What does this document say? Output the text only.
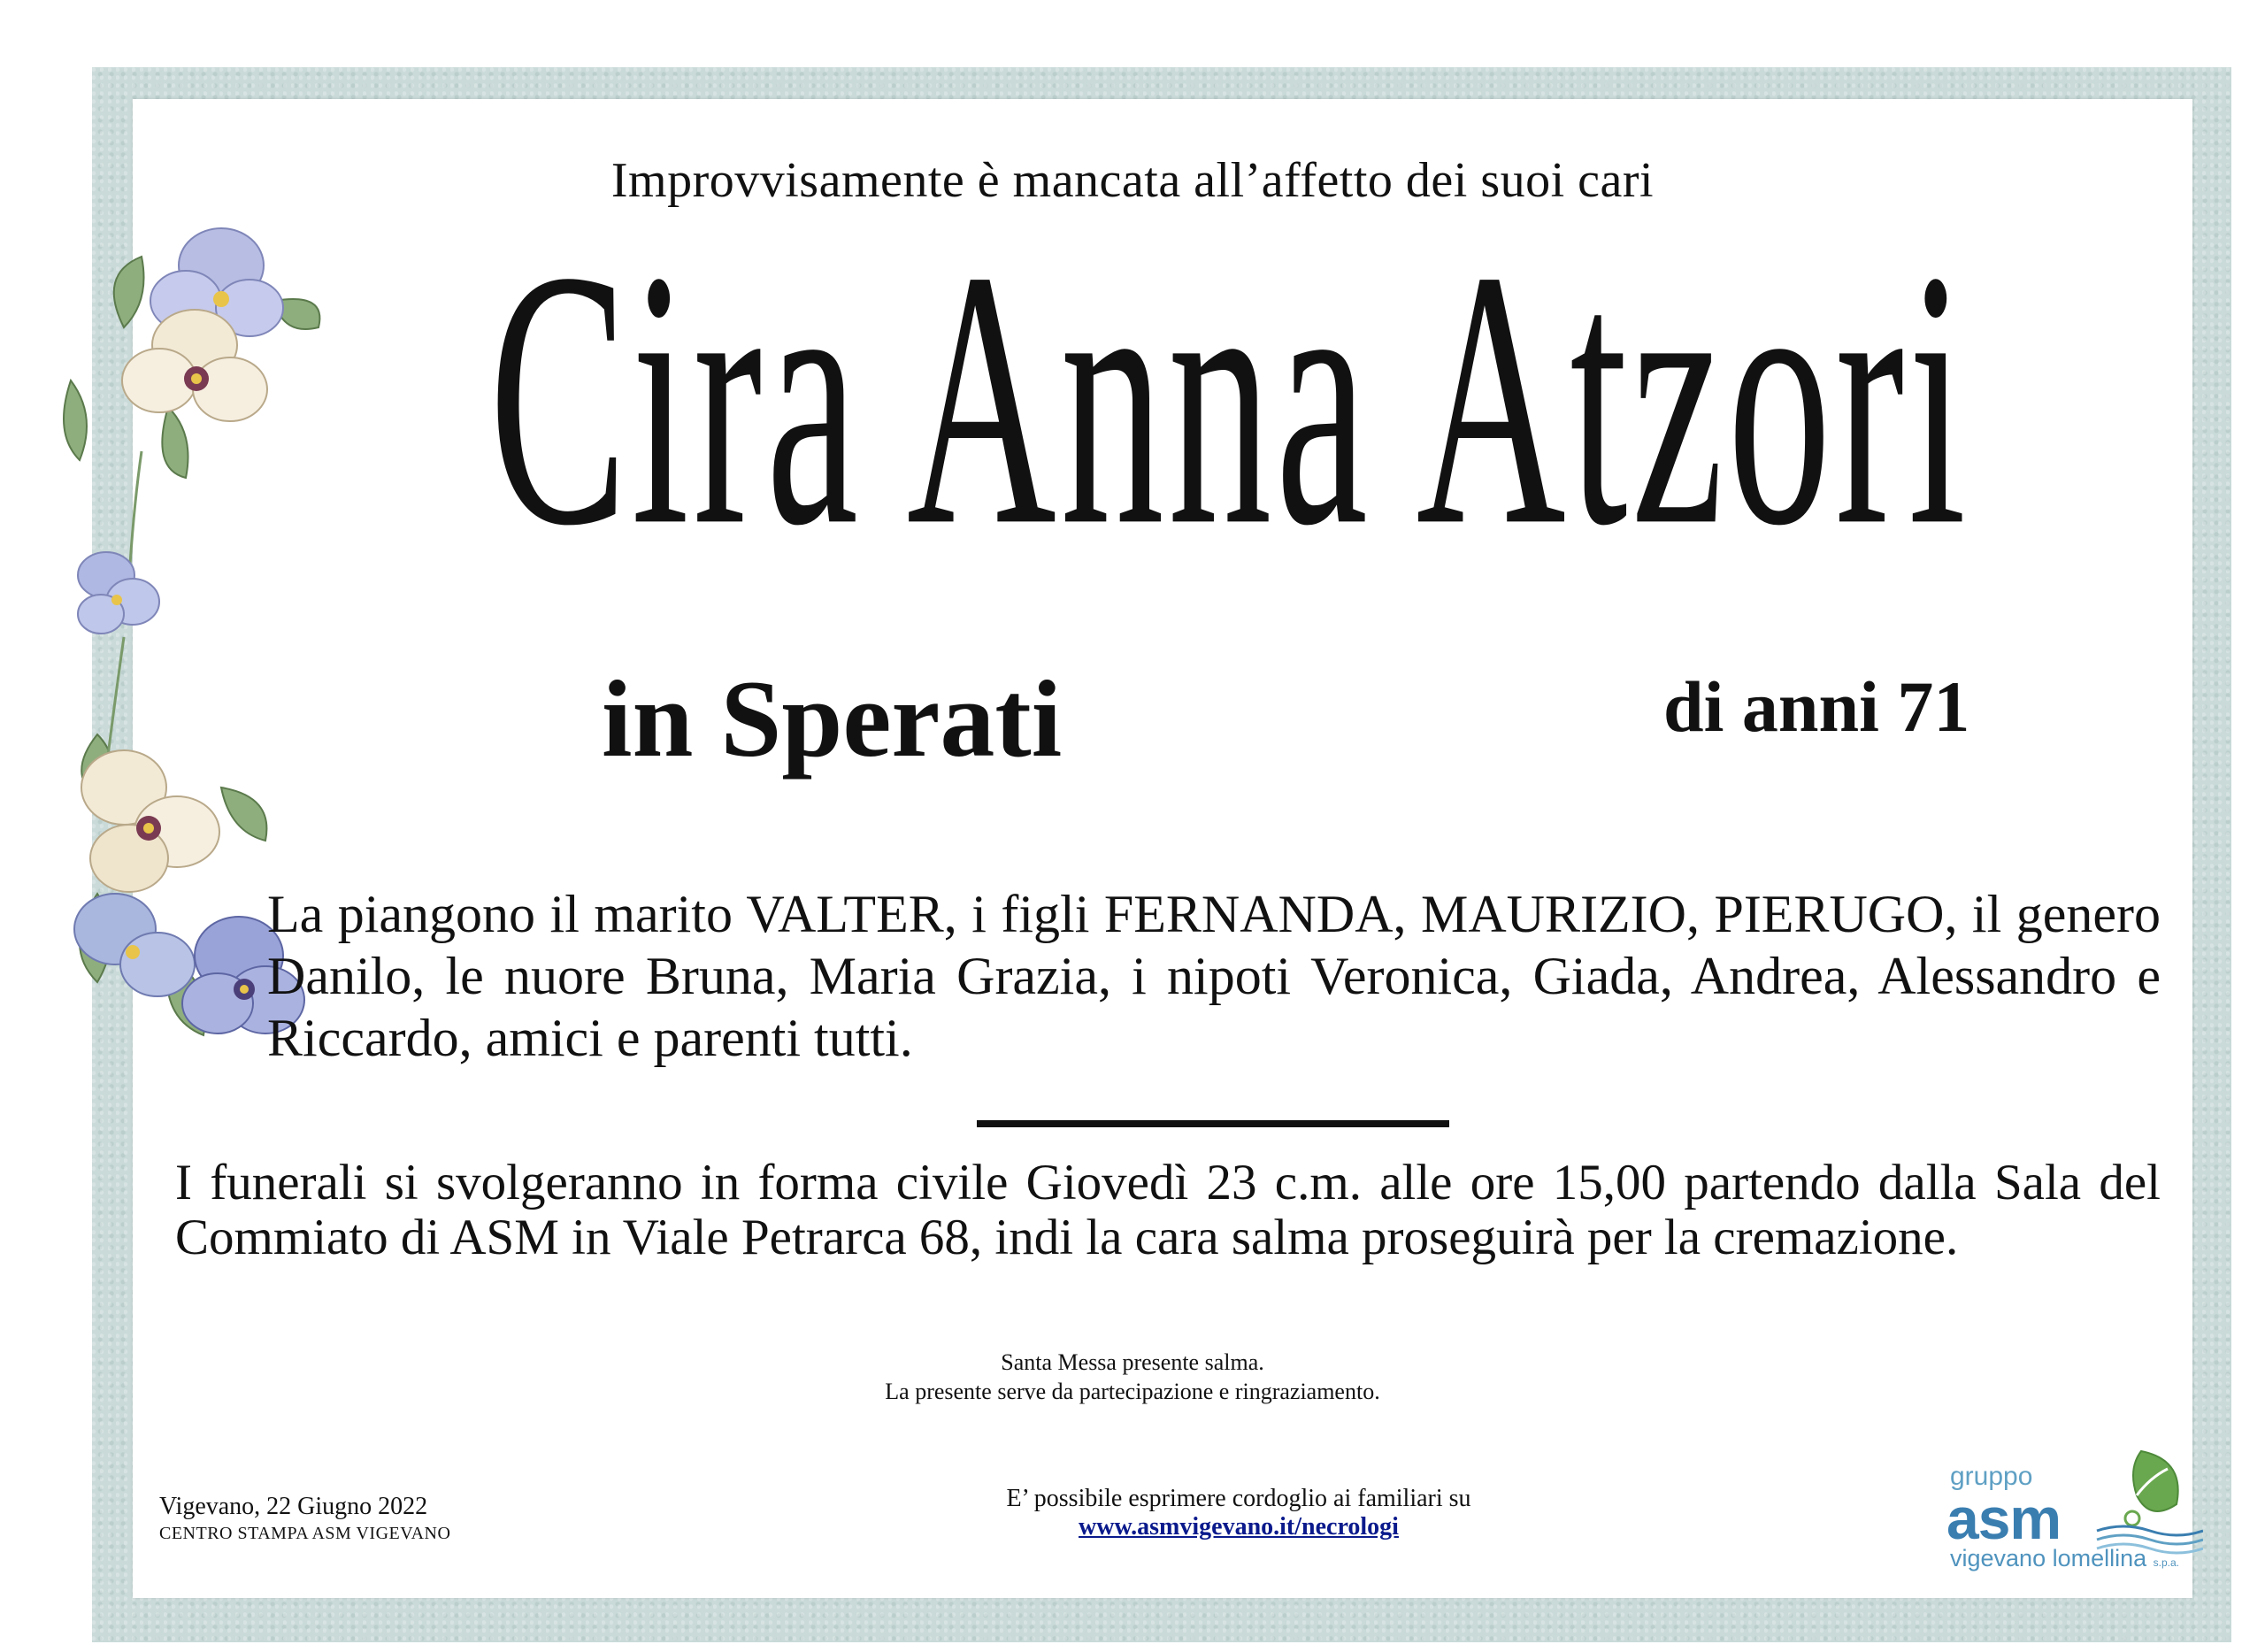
Improvvisamente è mancata all’affetto dei suoi cari
Cira Anna Atzori
in Sperati	di anni 71
La piangono il marito VALTER, i figli FERNANDA, MAURIZIO, PIERUGO, il genero Danilo, le nuore Bruna, Maria Grazia, i nipoti Veronica, Giada, Andrea, Alessandro e Riccardo, amici e parenti tutti.
I funerali si svolgeranno in forma civile Giovedì 23 c.m. alle ore 15,00 partendo dalla Sala del Commiato di ASM in Viale Petrarca 68, indi la cara salma proseguirà per la cremazione.
Santa Messa presente salma.
La presente serve da partecipazione e ringraziamento.
Vigevano, 22 Giugno 2022
CENTRO STAMPA ASM VIGEVANO
E’ possibile esprimere cordoglio ai familiari su
www.asmvigevano.it/necrologi
gruppo
asm
vigevano lomellina s.p.a.
